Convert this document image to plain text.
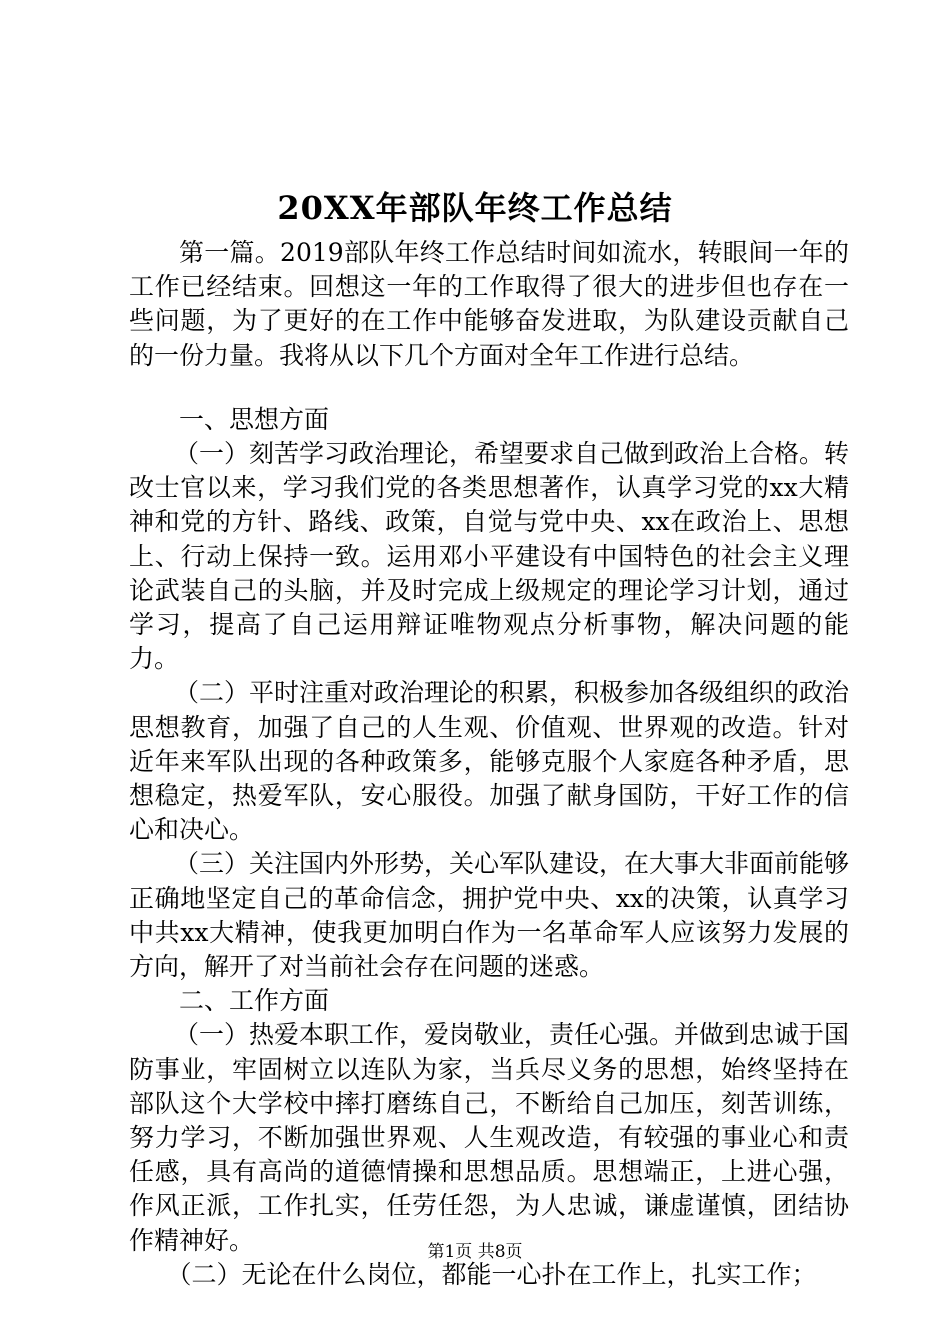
20XX年部队年终工作总结

第一篇。2019部队年终工作总结时间如流水，转眼间一年的工作已经结束。回想这一年的工作取得了很大的进步但也存在一些问题，为了更好的在工作中能够奋发进取，为队建设贡献自己的一份力量。我将从以下几个方面对全年工作进行总结。

一、思想方面

（一）刻苦学习政治理论，希望要求自己做到政治上合格。转改士官以来，学习我们党的各类思想著作，认真学习党的xx大精神和党的方针、路线、政策，自觉与党中央、xx在政治上、思想上、行动上保持一致。运用邓小平建设有中国特色的社会主义理论武装自己的头脑，并及时完成上级规定的理论学习计划，通过学习，提高了自己运用辩证唯物观点分析事物，解决问题的能力。

（二）平时注重对政治理论的积累，积极参加各级组织的政治思想教育，加强了自己的人生观、价值观、世界观的改造。针对近年来军队出现的各种政策多，能够克服个人家庭各种矛盾，思想稳定，热爱军队，安心服役。加强了献身国防，干好工作的信心和决心。

（三）关注国内外形势，关心军队建设，在大事大非面前能够正确地坚定自己的革命信念，拥护党中央、xx的决策，认真学习中共xx大精神，使我更加明白作为一名革命军人应该努力发展的方向，解开了对当前社会存在问题的迷惑。

二、工作方面

（一）热爱本职工作，爱岗敬业，责任心强。并做到忠诚于国防事业，牢固树立以连队为家，当兵尽义务的思想，始终坚持在部队这个大学校中摔打磨练自己，不断给自己加压，刻苦训练，努力学习，不断加强世界观、人生观改造，有较强的事业心和责任感，具有高尚的道德情操和思想品质。思想端正，上进心强，作风正派，工作扎实，任劳任怨，为人忠诚，谦虚谨慎，团结协作精神好。

（二）无论在什么岗位，都能一心扑在工作上，扎实工作；

第1页 共8页
